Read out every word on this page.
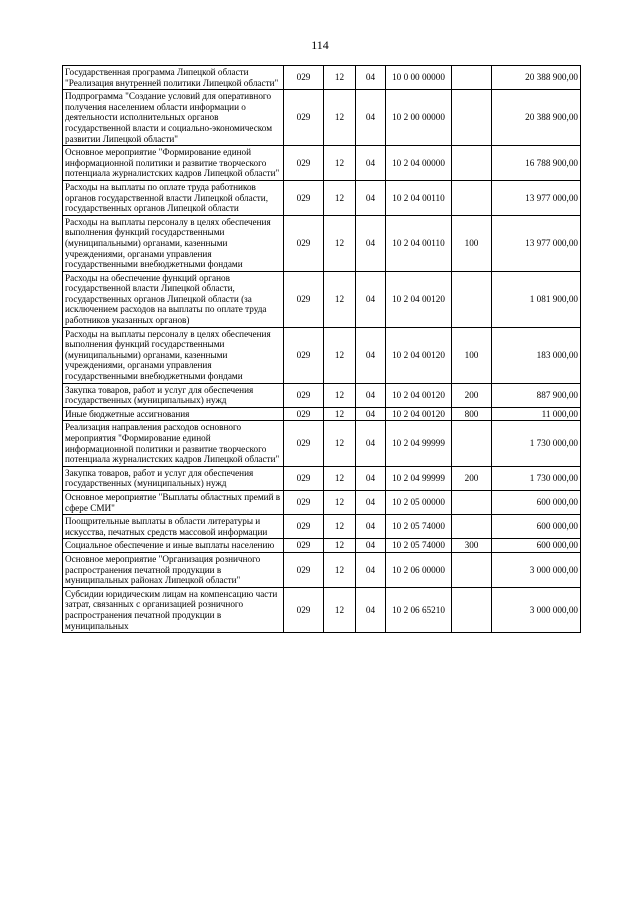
114
Государственная программа Липецкой области "Реализация внутренней политики Липецкой области"	029	12	04	10 0 00 00000		20 388 900,00
Подпрограмма "Создание условий для оперативного получения населением области информации о деятельности исполнительных органов государственной власти и социально-экономическом развитии Липецкой области"	029	12	04	10 2 00 00000		20 388 900,00
Основное мероприятие "Формирование единой информационной политики и развитие творческого потенциала журналистских кадров Липецкой области"	029	12	04	10 2 04 00000		16 788 900,00
Расходы на выплаты по оплате труда работников органов государственной власти Липецкой области, государственных органов Липецкой области	029	12	04	10 2 04 00110		13 977 000,00
Расходы на выплаты персоналу в целях обеспечения выполнения функций государственными (муниципальными) органами, казенными учреждениями, органами управления государственными внебюджетными фондами	029	12	04	10 2 04 00110	100	13 977 000,00
Расходы на обеспечение функций органов государственной власти Липецкой области, государственных органов Липецкой области (за исключением расходов на выплаты по оплате труда работников указанных органов)	029	12	04	10 2 04 00120		1 081 900,00
Расходы на выплаты персоналу в целях обеспечения выполнения функций государственными (муниципальными) органами, казенными учреждениями, органами управления государственными внебюджетными фондами	029	12	04	10 2 04 00120	100	183 000,00
Закупка товаров, работ и услуг для обеспечения государственных (муниципальных) нужд	029	12	04	10 2 04 00120	200	887 900,00
Иные бюджетные ассигнования	029	12	04	10 2 04 00120	800	11 000,00
Реализация направления расходов основного мероприятия "Формирование единой информационной политики и развитие творческого потенциала журналистских кадров Липецкой области"	029	12	04	10 2 04 99999		1 730 000,00
Закупка товаров, работ и услуг для обеспечения государственных (муниципальных) нужд	029	12	04	10 2 04 99999	200	1 730 000,00
Основное мероприятие "Выплаты областных премий в сфере СМИ"	029	12	04	10 2 05 00000		600 000,00
Поощрительные выплаты в области литературы и искусства, печатных средств массовой информации	029	12	04	10 2 05 74000		600 000,00
Социальное обеспечение и иные выплаты населению	029	12	04	10 2 05 74000	300	600 000,00
Основное мероприятие "Организация розничного распространения печатной продукции в муниципальных районах Липецкой области"	029	12	04	10 2 06 00000		3 000 000,00
Субсидии юридическим лицам на компенсацию части затрат, связанных с организацией розничного распространения печатной продукции в муниципальных	029	12	04	10 2 06 65210		3 000 000,00
